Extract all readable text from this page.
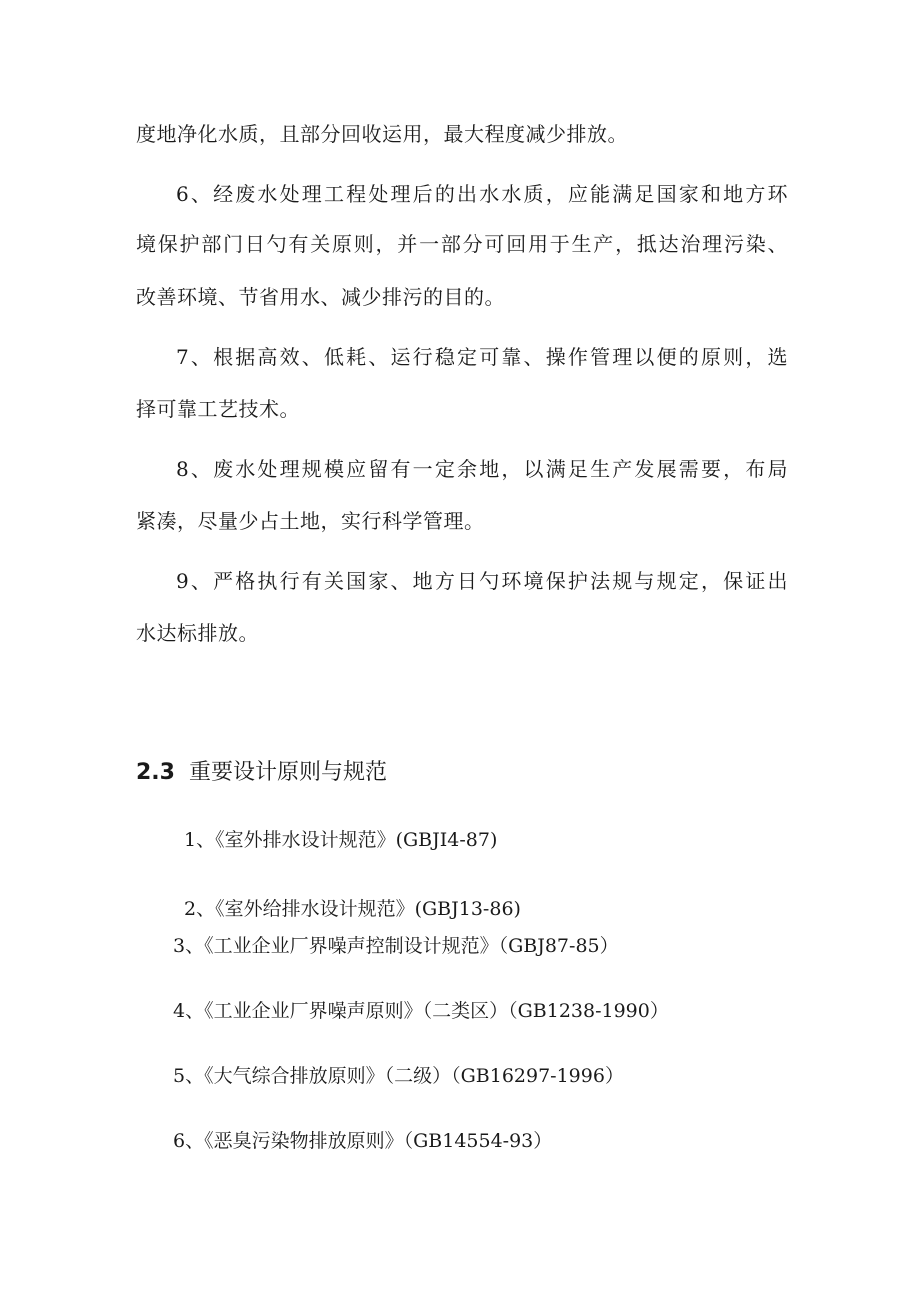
度地净化水质，且部分回收运用，最大程度减少排放。
6、经废水处理工程处理后的出水水质，应能满足国家和地方环
境保护部门日勺有关原则，并一部分可回用于生产，抵达治理污染、
改善环境、节省用水、减少排污的目的。
7、根据高效、低耗、运行稳定可靠、操作管理以便的原则，选
择可靠工艺技术。
8、废水处理规模应留有一定余地，以满足生产发展需要，布局
紧凑，尽量少占土地，实行科学管理。
9、严格执行有关国家、地方日勺环境保护法规与规定，保证出
水达标排放。
2.3 重要设计原则与规范
1、《室外排水设计规范》(GBJI4-87)
2、《室外给排水设计规范》(GBJ13-86)
3、《工业企业厂界噪声控制设计规范》（GBJ87-85）
4、《工业企业厂界噪声原则》（二类区）（GB1238-1990）
5、《大气综合排放原则》（二级）（GB16297-1996）
6、《恶臭污染物排放原则》（GB14554-93）
